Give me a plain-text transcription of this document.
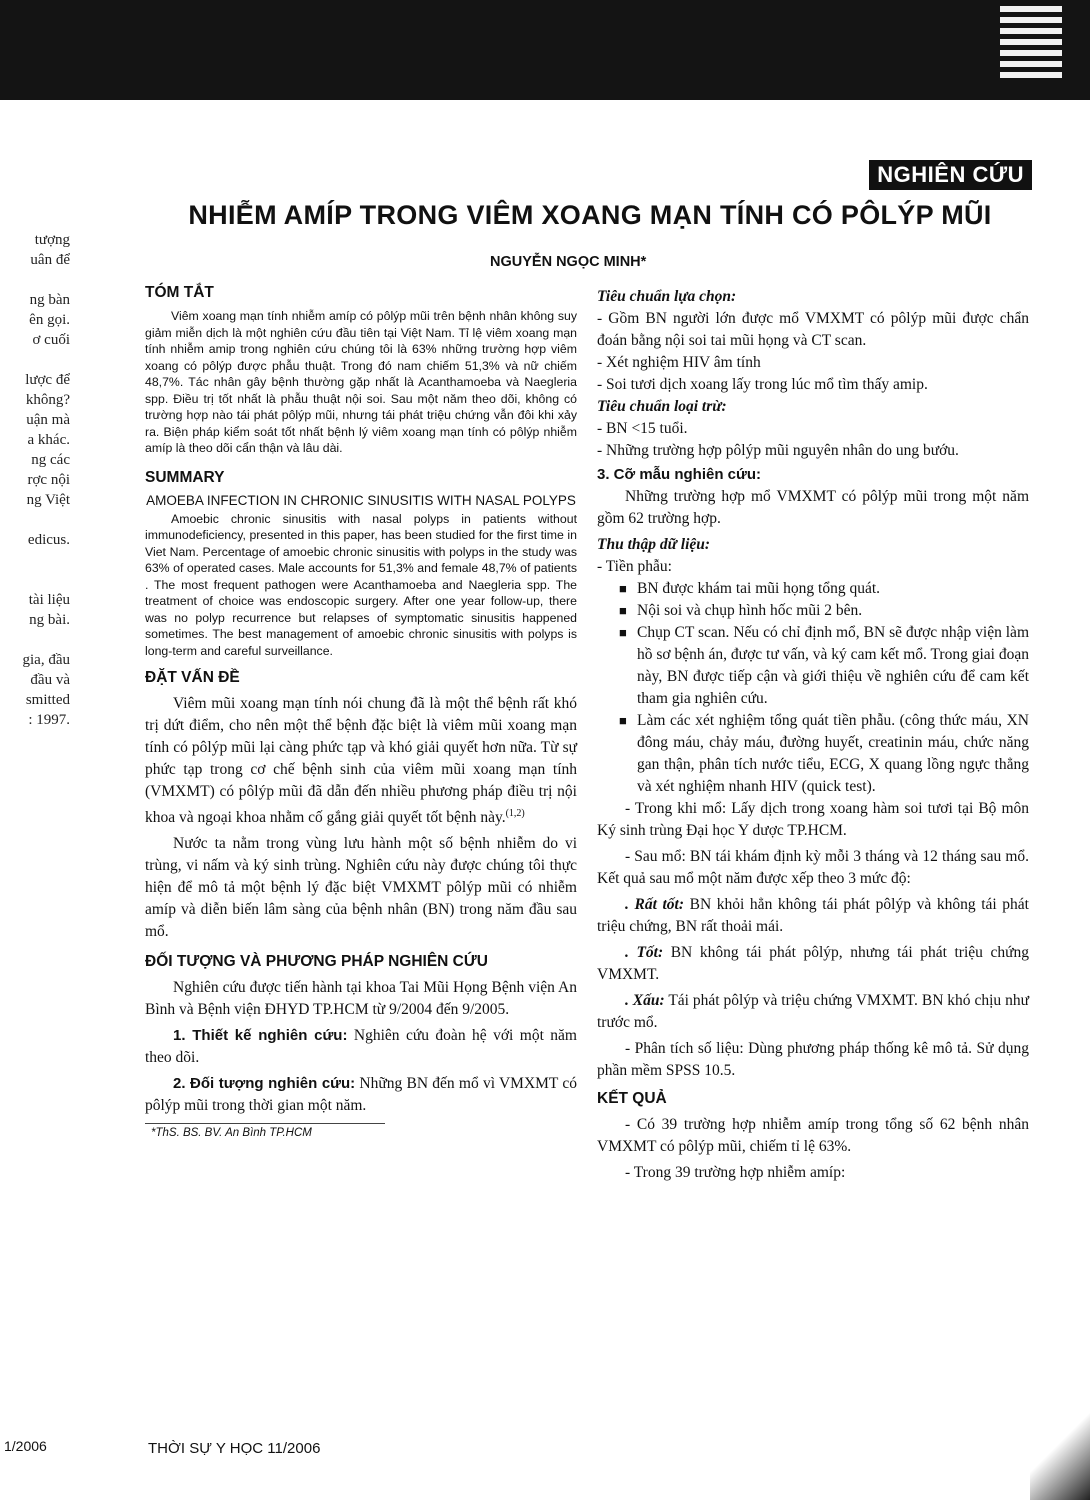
tượng
uân để
ng bàn
ên gọi.
ơ cuối
lược để
không?
uận mà
a khác.
ng các
rợc nội
ng Việt
edicus.
tài liệu
ng bài.
gia, đầu
đầu và
smitted
: 1997.
1/2006
NGHIÊN CỨU
NHIỄM AMÍP TRONG VIÊM XOANG MẠN TÍNH CÓ PÔLÝP MŨI
NGUYỄN NGỌC MINH*
TÓM TẮT

Viêm xoang mạn tính nhiễm amíp có pôlýp mũi trên bệnh nhân không suy giảm miễn dịch là một nghiên cứu đầu tiên tại Việt Nam. Tỉ lệ viêm xoang mạn tính nhiễm amip trong nghiên cứu chúng tôi là 63% những trường hợp viêm xoang có pôlýp được phẫu thuật. Trong đó nam chiếm 51,3% và nữ chiếm 48,7%. Tác nhân gây bệnh thường gặp nhất là Acanthamoeba và Naegleria spp. Điều trị tốt nhất là phẫu thuật nội soi. Sau một năm theo dõi, không có trường hợp nào tái phát pôlýp mũi, nhưng tái phát triệu chứng vẫn đôi khi xảy ra. Biện pháp kiểm soát tốt nhất bệnh lý viêm xoang mạn tính có pôlýp nhiễm amíp là theo dõi cẩn thận và lâu dài.

SUMMARY
AMOEBA INFECTION IN CHRONIC SINUSITIS WITH NASAL POLYPS

Amoebic chronic sinusitis with nasal polyps in patients without immunodeficiency, presented in this paper, has been studied for the first time in Viet Nam. Percentage of amoebic chronic sinusitis with polyps in the study was 63% of operated cases. Male accounts for 51,3% and female 48,7% of patients . The most frequent pathogen were Acanthamoeba and Naegleria spp. The treatment of choice was endoscopic surgery. After one year follow-up, there was no polyp recurrence but relapses of symptomatic sinusitis happened sometimes. The best management of amoebic chronic sinusitis with polyps is long-term and careful surveillance.

ĐẶT VẤN ĐỀ

Viêm mũi xoang mạn tính nói chung đã là một thể bệnh rất khó trị dứt điểm, cho nên một thể bệnh đặc biệt là viêm mũi xoang mạn tính có pôlýp mũi lại càng phức tạp và khó giải quyết hơn nữa. Từ sự phức tạp trong cơ chế bệnh sinh của viêm mũi xoang mạn tính (VMXMT) có pôlýp mũi đã dẫn đến nhiều phương pháp điều trị nội khoa và ngoại khoa nhằm cố gắng giải quyết tốt bệnh này.$^{(1,2)}$

Nước ta nằm trong vùng lưu hành một số bệnh nhiễm do vi trùng, vi nấm và ký sinh trùng. Nghiên cứu này được chúng tôi thực hiện để mô tả một bệnh lý đặc biệt VMXMT pôlýp mũi có nhiễm amíp và diễn biến lâm sàng của bệnh nhân (BN) trong năm đầu sau mổ.

ĐỐI TƯỢNG VÀ PHƯƠNG PHÁP NGHIÊN CỨU

Nghiên cứu được tiến hành tại khoa Tai Mũi Họng Bệnh viện An Bình và Bệnh viện ĐHYD TP.HCM từ 9/2004 đến 9/2005.

1. Thiết kế nghiên cứu: Nghiên cứu đoàn hệ với một năm theo dõi.

2. Đối tượng nghiên cứu: Những BN đến mổ vì VMXMT có pôlýp mũi trong thời gian một năm.

*ThS. BS. BV. An Bình TP.HCM

Tiêu chuẩn lựa chọn:

- Gồm BN người lớn được mổ VMXMT có pôlýp mũi được chẩn đoán bằng nội soi tai mũi họng và CT scan.

- Xét nghiệm HIV âm tính

- Soi tươi dịch xoang lấy trong lúc mổ tìm thấy amip.

Tiêu chuẩn loại trừ:

- BN <15 tuổi.

- Những trường hợp pôlýp mũi nguyên nhân do ung bướu.

3. Cỡ mẫu nghiên cứu:

Những trường hợp mổ VMXMT có pôlýp mũi trong một năm gồm 62 trường hợp.

Thu thập dữ liệu:

- Tiền phẫu:

■ BN được khám tai mũi họng tổng quát.
■ Nội soi và chụp hình hốc mũi 2 bên.
■ Chụp CT scan. Nếu có chỉ định mổ, BN sẽ được nhập viện làm hồ sơ bệnh án, được tư vấn, và ký cam kết mổ. Trong giai đoạn này, BN được tiếp cận và giới thiệu về nghiên cứu để cam kết tham gia nghiên cứu.
■ Làm các xét nghiệm tổng quát tiền phẫu. (công thức máu, XN đông máu, chảy máu, đường huyết, creatinin máu, chức năng gan thận, phân tích nước tiểu, ECG, X quang lồng ngực thẳng và xét nghiệm nhanh HIV (quick test).

- Trong khi mổ: Lấy dịch trong xoang hàm soi tươi tại Bộ môn Ký sinh trùng Đại học Y dược TP.HCM.

- Sau mổ: BN tái khám định kỳ mỗi 3 tháng và 12 tháng sau mổ. Kết quả sau mổ một năm được xếp theo 3 mức độ:

. Rất tốt: BN khỏi hẳn không tái phát pôlýp và không tái phát triệu chứng, BN rất thoải mái.

. Tốt: BN không tái phát pôlýp, nhưng tái phát triệu chứng VMXMT.

. Xấu: Tái phát pôlýp và triệu chứng VMXMT. BN khó chịu như trước mổ.

- Phân tích số liệu: Dùng phương pháp thống kê mô tả. Sử dụng phần mềm SPSS 10.5.

KẾT QUẢ

- Có 39 trường hợp nhiễm amíp trong tổng số 62 bệnh nhân VMXMT có pôlýp mũi, chiếm tỉ lệ 63%.

- Trong 39 trường hợp nhiễm amíp:

THỜI SỰ Y HỌC 11/2006
